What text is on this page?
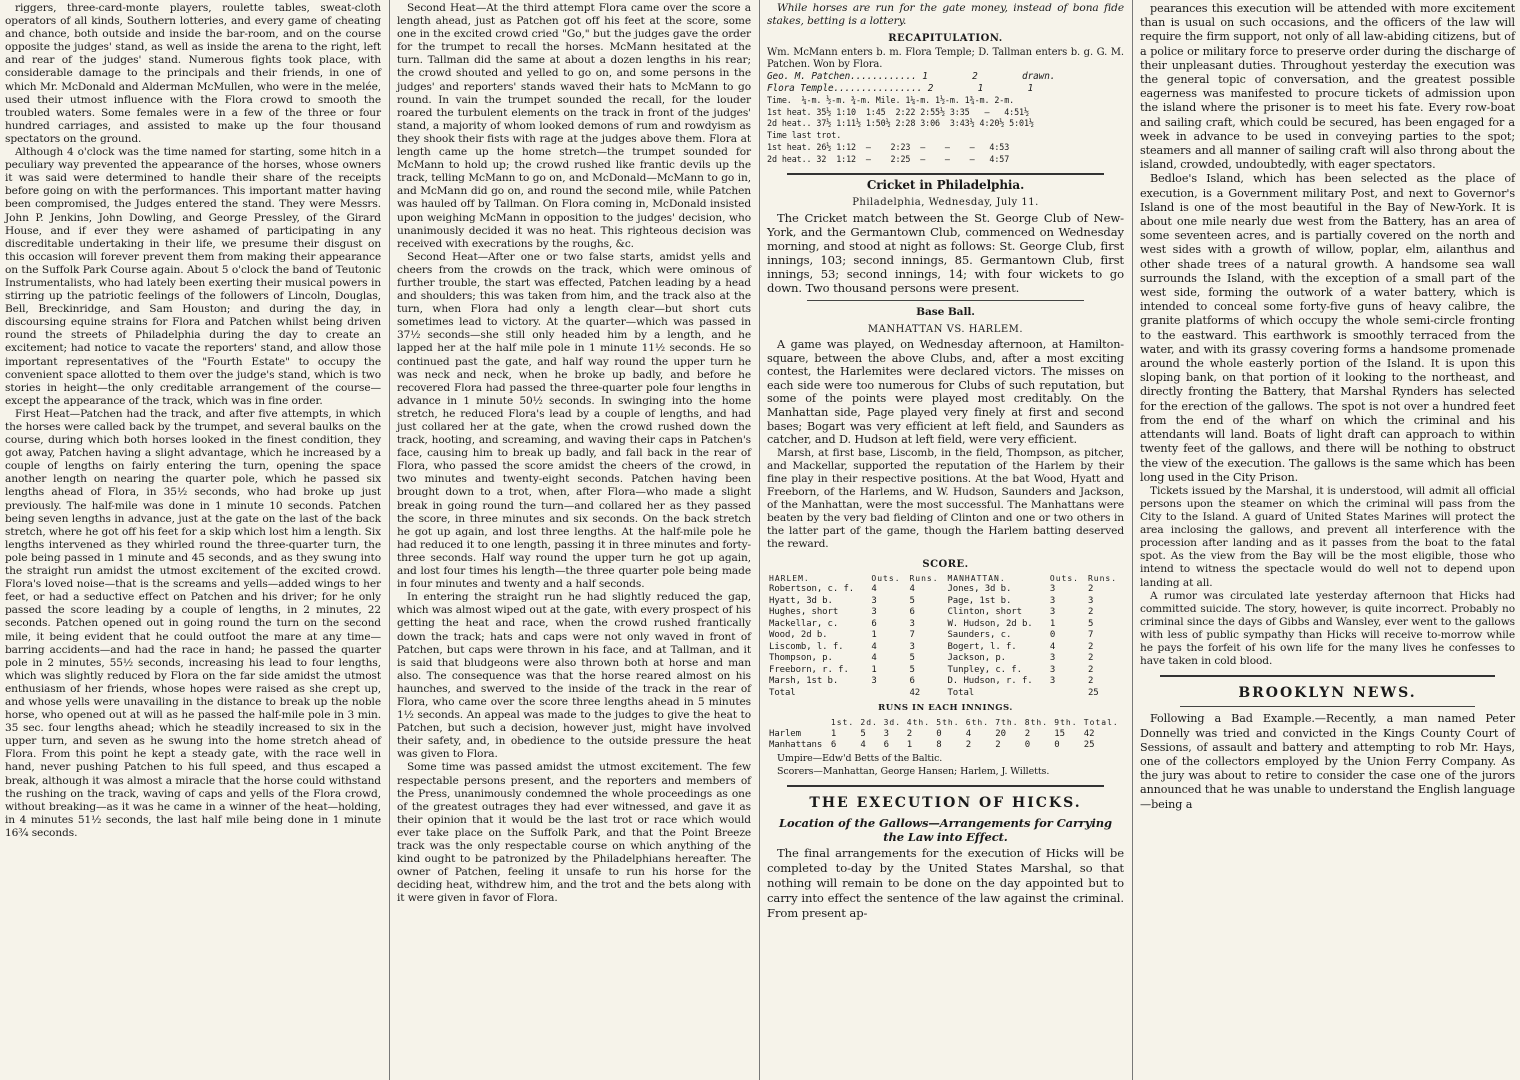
riggers, three-card-monte players, roulette tables, sweat-cloth operators of all kinds, Southern lotteries, and every game of cheating and chance, both outside and inside the bar-room, and on the course opposite the judges' stand, as well as inside the arena to the right, left and rear of the judges' stand. Numerous fights took place, with considerable damage to the principals and their friends, in one of which Mr. McDonald and Alderman McMullen, who were in the melée, used their utmost influence with the Flora crowd to smooth the troubled waters. Some females were in a few of the three or four hundred carriages, and assisted to make up the four thousand spectators on the ground.

Although 4 o'clock was the time named for starting, some hitch in a peculiary way prevented the appearance of the horses, whose owners it was said were determined to handle their share of the receipts before going on with the performances. This important matter having been compromised, the Judges entered the stand. They were Messrs. John P. Jenkins, John Dowling, and George Pressley, of the Girard House, and if ever they were ashamed of participating in any discreditable undertaking in their life, we presume their disgust on this occasion will forever prevent them from making their appearance on the Suffolk Park Course again. About 5 o'clock the band of Teutonic Instrumentalists, who had lately been exerting their musical powers in stirring up the patriotic feelings of the followers of Lincoln, Douglas, Bell, Breckinridge, and Sam Houston; and during the day, in discoursing equine strains for Flora and Patchen whilst being driven round the streets of Philadelphia during the day to create an excitement; had notice to vacate the reporters' stand, and allow those important representatives of the "Fourth Estate" to occupy the convenient space allotted to them over the judge's stand, which is two stories in height—the only creditable arrangement of the course—except the appearance of the track, which was in fine order.

First Heat—Patchen had the track, and after five attempts, in which the horses were called back by the trumpet, and several baulks on the course, during which both horses looked in the finest condition, they got away, Patchen having a slight advantage, which he increased by a couple of lengths on fairly entering the turn, opening the space another length on nearing the quarter pole, which he passed six lengths ahead of Flora, in 35½ seconds, who had broke up just previously. The half-mile was done in 1 minute 10 seconds. Patchen being seven lengths in advance, just at the gate on the last of the back stretch, where he got off his feet for a skip which lost him a length. Six lengths intervened as they whirled round the three-quarter turn, the pole being passed in 1 minute and 45 seconds, and as they swung into the straight run amidst the utmost excitement of the excited crowd. Flora's loved noise—that is the screams and yells—added wings to her feet, or had a seductive effect on Patchen and his driver; for he only passed the score leading by a couple of lengths, in 2 minutes, 22 seconds. Patchen opened out in going round the turn on the second mile, it being evident that he could outfoot the mare at any time—barring accidents—and had the race in hand; he passed the quarter pole in 2 minutes, 55½ seconds, increasing his lead to four lengths, which was slightly reduced by Flora on the far side amidst the utmost enthusiasm of her friends, whose hopes were raised as she crept up, and whose yells were unavailing in the distance to break up the noble horse, who opened out at will as he passed the half-mile pole in 3 min. 35 sec. four lengths ahead; which he steadily increased to six in the upper turn, and seven as he swung into the home stretch ahead of Flora. From this point he kept a steady gate, with the race well in hand, never pushing Patchen to his full speed, and thus escaped a break, although it was almost a miracle that the horse could withstand the rushing on the track, waving of caps and yells of the Flora crowd, without breaking—as it was he came in a winner of the heat—holding, in 4 minutes 51½ seconds, the last half mile being done in 1 minute 16¾ seconds.

Second Heat—At the third attempt Flora came over the score a length ahead, just as Patchen got off his feet at the score, some one in the excited crowd cried "Go," but the judges gave the order for the trumpet to recall the horses. McMann hesitated at the turn. Tallman did the same at about a dozen lengths in his rear; the crowd shouted and yelled to go on, and some persons in the judges' and reporters' stands waved their hats to McMann to go round. In vain the trumpet sounded the recall, for the louder roared the turbulent elements on the track in front of the judges' stand, a majority of whom looked demons of rum and rowdyism as they shook their fists with rage at the judges above them. Flora at length came up the home stretch—the trumpet sounded for McMann to hold up; the crowd rushed like frantic devils up the track, telling McMann to go on, and McDonald—McMann to go in, and McMann did go on, and round the second mile, while Patchen was hauled off by Tallman. On Flora coming in, McDonald insisted upon weighing McMann in opposition to the judges' decision, who unanimously decided it was no heat. This righteous decision was received with execrations by the roughs, &c.

Second Heat—After one or two false starts, amidst yells and cheers from the crowds on the track, which were ominous of further trouble, the start was effected, Patchen leading by a head and shoulders; this was taken from him, and the track also at the turn, when Flora had only a length clear—but short cuts sometimes lead to victory. At the quarter—which was passed in 37½ seconds—she still only headed him by a length, and he lapped her at the half mile pole in 1 minute 11½ seconds. He so continued past the gate, and half way round the upper turn he was neck and neck, when he broke up badly, and before he recovered Flora had passed the three-quarter pole four lengths in advance in 1 minute 50½ seconds. In swinging into the home stretch, he reduced Flora's lead by a couple of lengths, and had just collared her at the gate, when the crowd rushed down the track, hooting, and screaming, and waving their caps in Patchen's face, causing him to break up badly, and fall back in the rear of Flora, who passed the score amidst the cheers of the crowd, in two minutes and twenty-eight seconds. Patchen having been brought down to a trot, when, after Flora—who made a slight break in going round the turn—and collared her as they passed the score, in three minutes and six seconds. On the back stretch he got up again, and lost three lengths. At the half-mile pole he had reduced it to one length, passing it in three minutes and forty-three seconds. Half way round the upper turn he got up again, and lost four times his length—the three quarter pole being made in four minutes and twenty and a half seconds.

In entering the straight run he had slightly reduced the gap, which was almost wiped out at the gate, with every prospect of his getting the heat and race, when the crowd rushed frantically down the track; hats and caps were not only waved in front of Patchen, but caps were thrown in his face, and at Tallman, and it is said that bludgeons were also thrown both at horse and man also. The consequence was that the horse reared almost on his haunches, and swerved to the inside of the track in the rear of Flora, who came over the score three lengths ahead in 5 minutes 1½ seconds. An appeal was made to the judges to give the heat to Patchen, but such a decision, however just, might have involved their safety, and, in obedience to the outside pressure the heat was given to Flora.

Some time was passed amidst the utmost excitement. The few respectable persons present, and the reporters and members of the Press, unanimously condemned the whole proceedings as one of the greatest outrages they had ever witnessed, and gave it as their opinion that it would be the last trot or race which would ever take place on the Suffolk Park, and that the Point Breeze track was the only respectable course on which anything of the kind ought to be patronized by the Philadelphians hereafter. The owner of Patchen, feeling it unsafe to run his horse for the deciding heat, withdrew him, and the trot and the bets along with it were given in favor of Flora.

While horses are run for the gate money, instead of bona fide stakes, betting is a lottery.

RECAPITULATION.

Wm. McMann enters b. m. Flora Temple; D. Tallman enters b. g. G. M. Patchen. Won by Flora.

Geo. M. Patchen............ 1        2        drawn.
Flora Temple................ 2        1        1
Time.  ¼-m. ½-m. ¾-m. Mile. 1¼-m. 1½-m. 1¾-m. 2-m.
1st heat. 35½ 1:10  1:45  2:22 2:55½ 3:35   —   4:51½
2d heat.. 37½ 1:11½ 1:50½ 2:28 3:06  3:43½ 4:20½ 5:01½
Time last trot.
1st heat. 26½ 1:12  —    2:23  —    —    —   4:53
2d heat.. 32  1:12  —    2:25  —    —    —   4:57
Cricket in Philadelphia.
Philadelphia, Wednesday, July 11.

The Cricket match between the St. George Club of New-York, and the Germantown Club, commenced on Wednesday morning, and stood at night as follows: St. George Club, first innings, 103; second innings, 85. Germantown Club, first innings, 53; second innings, 14; with four wickets to go down. Two thousand persons were present.

Base Ball.
MANHATTAN VS. HARLEM.

A game was played, on Wednesday afternoon, at Hamilton-square, between the above Clubs, and, after a most exciting contest, the Harlemites were declared victors. The misses on each side were too numerous for Clubs of such reputation, but some of the points were played most creditably. On the Manhattan side, Page played very finely at first and second bases; Bogart was very efficient at left field, and Saunders as catcher, and D. Hudson at left field, were very efficient.

Marsh, at first base, Liscomb, in the field, Thompson, as pitcher, and Mackellar, supported the reputation of the Harlem by their fine play in their respective positions. At the bat Wood, Hyatt and Freeborn, of the Harlems, and W. Hudson, Saunders and Jackson, of the Manhattan, were the most successful. The Manhattans were beaten by the very bad fielding of Clinton and one or two others in the latter part of the game, though the Harlem batting deserved the reward.

SCORE.
HARLEM.	Outs.	Runs.	MANHATTAN.	Outs.	Runs.
Robertson, c. f.	4	4	Jones, 3d b.	3	2
Hyatt, 3d b.	3	5	Page, 1st b.	3	3
Hughes, short	3	6	Clinton, short	3	2
Mackellar, c.	6	3	W. Hudson, 2d b.	1	5
Wood, 2d b.	1	7	Saunders, c.	0	7
Liscomb, l. f.	4	3	Bogert, l. f.	4	2
Thompson, p.	4	5	Jackson, p.	3	2
Freeborn, r. f.	1	5	Tunpley, c. f.	3	2
Marsh, 1st b.	3	6	D. Hudson, r. f.	3	2
Total		42	Total		25
RUNS IN EACH INNINGS.
	1st.	2d.	3d.	4th.	5th.	6th.	7th.	8th.	9th.	Total.
Harlem	1	5	3	2	0	4	20	2	15	42
Manhattans	6	4	6	1	8	2	2	0	0	25
Umpire—Edw'd Betts of the Baltic.
Scorers—Manhattan, George Hansen; Harlem, J. Willetts.
THE EXECUTION OF HICKS.
Location of the Gallows—Arrangements for Carrying the Law into Effect.

The final arrangements for the execution of Hicks will be completed to-day by the United States Marshal, so that nothing will remain to be done on the day appointed but to carry into effect the sentence of the law against the criminal. From present ap-

pearances this execution will be attended with more excitement than is usual on such occasions, and the officers of the law will require the firm support, not only of all law-abiding citizens, but of a police or military force to preserve order during the discharge of their unpleasant duties. Throughout yesterday the execution was the general topic of conversation, and the greatest possible eagerness was manifested to procure tickets of admission upon the island where the prisoner is to meet his fate. Every row-boat and sailing craft, which could be secured, has been engaged for a week in advance to be used in conveying parties to the spot; steamers and all manner of sailing craft will also throng about the island, crowded, undoubtedly, with eager spectators.

Bedloe's Island, which has been selected as the place of execution, is a Government military Post, and next to Governor's Island is one of the most beautiful in the Bay of New-York. It is about one mile nearly due west from the Battery, has an area of some seventeen acres, and is partially covered on the north and west sides with a growth of willow, poplar, elm, ailanthus and other shade trees of a natural growth. A handsome sea wall surrounds the Island, with the exception of a small part of the west side, forming the outwork of a water battery, which is intended to conceal some forty-five guns of heavy calibre, the granite platforms of which occupy the whole semi-circle fronting to the eastward. This earthwork is smoothly terraced from the water, and with its grassy covering forms a handsome promenade around the whole easterly portion of the Island. It is upon this sloping bank, on that portion of it looking to the northeast, and directly fronting the Battery, that Marshal Rynders has selected for the erection of the gallows. The spot is not over a hundred feet from the end of the wharf on which the criminal and his attendants will land. Boats of light draft can approach to within twenty feet of the gallows, and there will be nothing to obstruct the view of the execution. The gallows is the same which has been long used in the City Prison.

Tickets issued by the Marshal, it is understood, will admit all official persons upon the steamer on which the criminal will pass from the City to the Island. A guard of United States Marines will protect the area inclosing the gallows, and prevent all interference with the procession after landing and as it passes from the boat to the fatal spot. As the view from the Bay will be the most eligible, those who intend to witness the spectacle would do well not to depend upon landing at all.

A rumor was circulated late yesterday afternoon that Hicks had committed suicide. The story, however, is quite incorrect. Probably no criminal since the days of Gibbs and Wansley, ever went to the gallows with less of public sympathy than Hicks will receive to-morrow while he pays the forfeit of his own life for the many lives he confesses to have taken in cold blood.

BROOKLYN NEWS.

Following a Bad Example.—Recently, a man named Peter Donnelly was tried and convicted in the Kings County Court of Sessions, of assault and battery and attempting to rob Mr. Hays, one of the collectors employed by the Union Ferry Company. As the jury was about to retire to consider the case one of the jurors announced that he was unable to understand the English language—being a
